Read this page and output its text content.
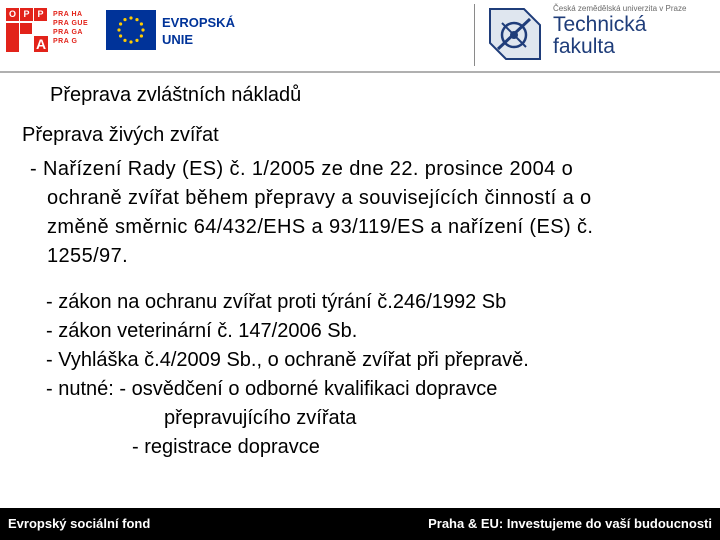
O P P
A
PRA HA
PRA GUE
PRA GA
PRA G
EVROPSKÁ
UNIE
Česká zemědělská univerzita v Praze
Technická
fakulta
Přeprava zvláštních nákladů
Přeprava živých zvířat
- Nařízení Rady (ES) č. 1/2005 ze dne 22. prosince 2004 o
ochraně zvířat během přepravy a souvisejících činností a o
změně směrnic 64/432/EHS a 93/119/ES a nařízení (ES) č.
1255/97.
- zákon na ochranu zvířat proti týrání č.246/1992 Sb
- zákon veterinární č. 147/2006 Sb.
- Vyhláška č.4/2009 Sb., o ochraně zvířat při přepravě.
- nutné: - osvědčení o odborné kvalifikaci dopravce
přepravujícího zvířata
- registrace dopravce
Evropský sociální fond	Praha & EU: Investujeme do vaší budoucnosti
